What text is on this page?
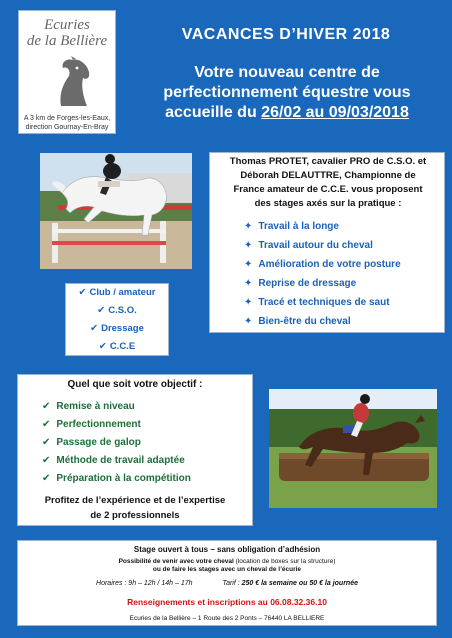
Ecuries
de la Bellière
A 3 km de Forges-les-Eaux,
direction Gournay-En-Bray
VACANCES D’HIVER 2018
Votre nouveau centre de
perfectionnement équestre vous
accueille du 26/02 au 09/03/2018
Thomas PROTET, cavalier PRO de C.S.O. et
Déborah DELAUTTRE, Championne de
France amateur de C.C.E. vous proposent
des stages axés sur la pratique :
✦ Travail à la longe
✦ Travail autour du cheval
✦ Amélioration de votre posture
✦ Reprise de dressage
✦ Tracé et techniques de saut
✦ Bien-être du cheval
✔ Club / amateur
✔ C.S.O.
✔ Dressage
✔ C.C.E
Quel que soit votre objectif :
✔ Remise à niveau
✔ Perfectionnement
✔ Passage de galop
✔ Méthode de travail adaptée
✔ Préparation à la compétition
Profitez de l’expérience et de l’expertise
de 2 professionnels
Stage ouvert à tous – sans obligation d’adhésion
Possibilité de venir avec votre cheval (location de boxes sur la structure)
ou de faire les stages avec un cheval de l’écurie
Horaires : 9h – 12h / 14h – 17h	Tarif : 250 € la semaine ou 50 € la journée
Renseignements et inscriptions au 06.08.32.36.10
Ecuries de la Bellière – 1 Route des 2 Ponts – 76440 LA BELLIERE
